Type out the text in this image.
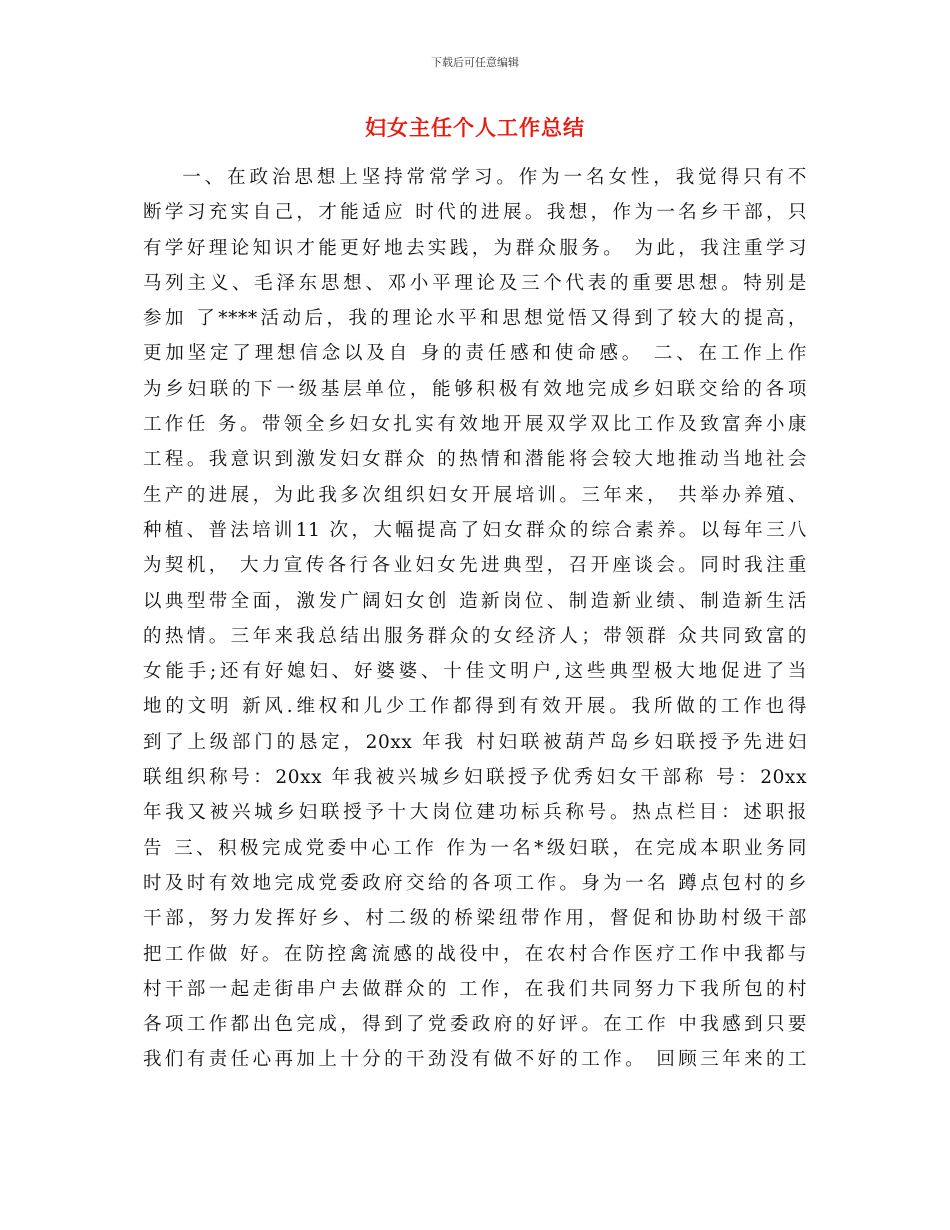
下载后可任意编辑
妇女主任个人工作总结
一、在政治思想上坚持常常学习。作为一名女性，我觉得只有不
断学习充实自己，才能适应 时代的进展。我想，作为一名乡干部，只
有学好理论知识才能更好地去实践，为群众服务。 为此，我注重学习
马列主义、毛泽东思想、邓小平理论及三个代表的重要思想。特别是
参加 了****活动后，我的理论水平和思想觉悟又得到了较大的提高，
更加坚定了理想信念以及自 身的责任感和使命感。 二、在工作上作
为乡妇联的下一级基层单位，能够积极有效地完成乡妇联交给的各项
工作任 务。带领全乡妇女扎实有效地开展双学双比工作及致富奔小康
工程。我意识到激发妇女群众 的热情和潜能将会较大地推动当地社会
生产的进展，为此我多次组织妇女开展培训。三年来， 共举办养殖、
种植、普法培训11 次，大幅提高了妇女群众的综合素养。以每年三八
为契机， 大力宣传各行各业妇女先进典型，召开座谈会。同时我注重
以典型带全面，激发广阔妇女创 造新岗位、制造新业绩、制造新生活
的热情。三年来我总结出服务群众的女经济人；带领群 众共同致富的
女能手;还有好媳妇、好婆婆、十佳文明户,这些典型极大地促进了当
地的文明 新风.维权和儿少工作都得到有效开展。我所做的工作也得
到了上级部门的恳定，20xx 年我 村妇联被葫芦岛乡妇联授予先进妇
联组织称号：20xx 年我被兴城乡妇联授予优秀妇女干部称 号：20xx
年我又被兴城乡妇联授予十大岗位建功标兵称号。热点栏目：述职报
告 三、积极完成党委中心工作 作为一名*级妇联，在完成本职业务同
时及时有效地完成党委政府交给的各项工作。身为一名 蹲点包村的乡
干部，努力发挥好乡、村二级的桥梁纽带作用，督促和协助村级干部
把工作做 好。在防控禽流感的战役中，在农村合作医疗工作中我都与
村干部一起走街串户去做群众的 工作，在我们共同努力下我所包的村
各项工作都出色完成，得到了党委政府的好评。在工作 中我感到只要
我们有责任心再加上十分的干劲没有做不好的工作。 回顾三年来的工
